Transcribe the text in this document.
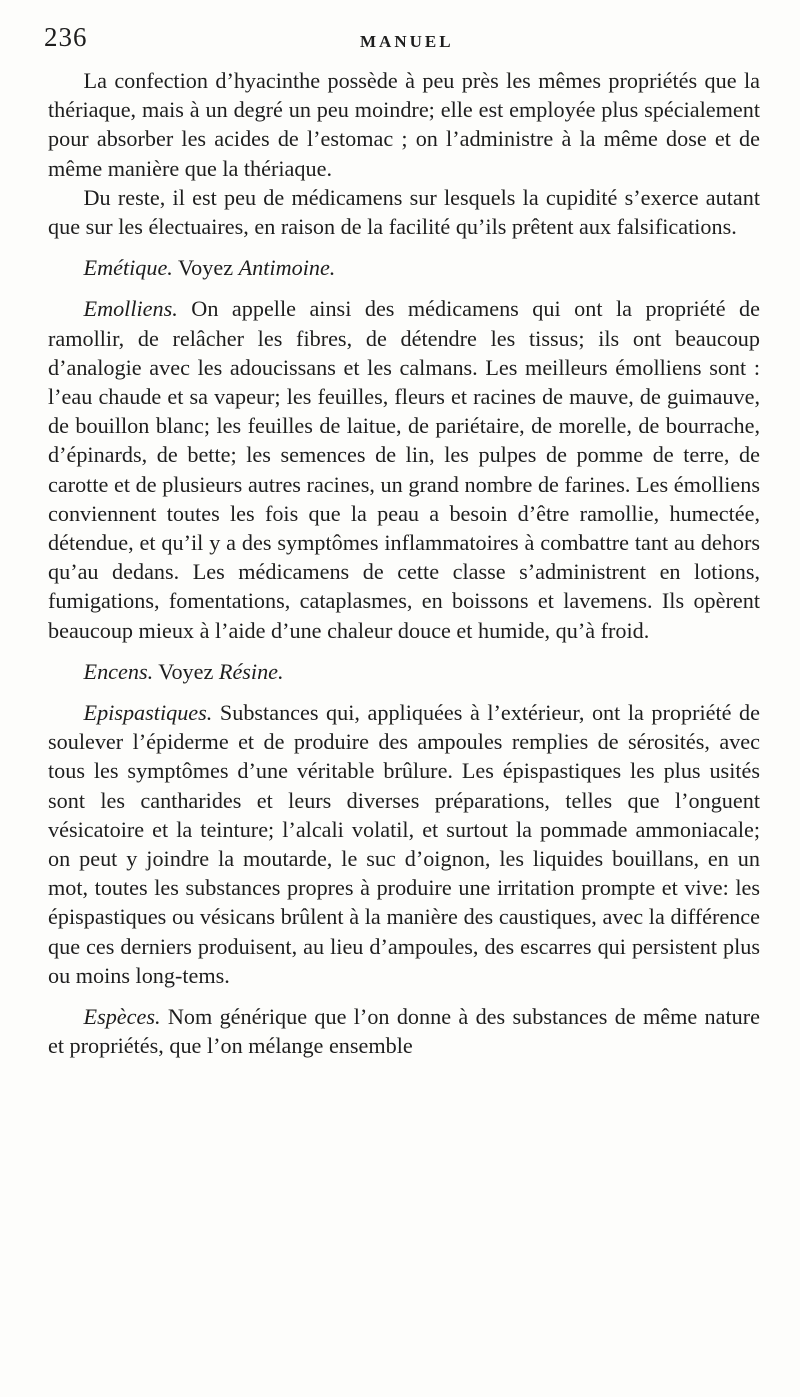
236	MANUEL

La confection d’hyacinthe possède à peu près les mêmes propriétés que la thériaque, mais à un degré un peu moindre; elle est employée plus spécialement pour absorber les acides de l’estomac ; on l’administre à la même dose et de même manière que la thériaque.

Du reste, il est peu de médicamens sur lesquels la cupidité s’exerce autant que sur les électuaires, en raison de la facilité qu’ils prêtent aux falsifications.

Emétique. Voyez Antimoine.

Emolliens. On appelle ainsi des médicamens qui ont la propriété de ramollir, de relâcher les fibres, de détendre les tissus; ils ont beaucoup d’analogie avec les adoucissans et les calmans. Les meilleurs émolliens sont : l’eau chaude et sa vapeur; les feuilles, fleurs et racines de mauve, de guimauve, de bouillon blanc; les feuilles de laitue, de pariétaire, de morelle, de bourrache, d’épinards, de bette; les semences de lin, les pulpes de pomme de terre, de carotte et de plusieurs autres racines, un grand nombre de farines. Les émolliens conviennent toutes les fois que la peau a besoin d’être ramollie, humectée, détendue, et qu’il y a des symptômes inflammatoires à combattre tant au dehors qu’au dedans. Les médicamens de cette classe s’administrent en lotions, fumigations, fomentations, cataplasmes, en boissons et lavemens. Ils opèrent beaucoup mieux à l’aide d’une chaleur douce et humide, qu’à froid.

Encens. Voyez Résine.

Epispastiques. Substances qui, appliquées à l’extérieur, ont la propriété de soulever l’épiderme et de produire des ampoules remplies de sérosités, avec tous les symptômes d’une véritable brûlure. Les épispastiques les plus usités sont les cantharides et leurs diverses préparations, telles que l’onguent vésicatoire et la teinture; l’alcali volatil, et surtout la pommade ammoniacale; on peut y joindre la moutarde, le suc d’oignon, les liquides bouillans, en un mot, toutes les substances propres à produire une irritation prompte et vive: les épispastiques ou vésicans brûlent à la manière des caustiques, avec la différence que ces derniers produisent, au lieu d’ampoules, des escarres qui persistent plus ou moins long-tems.

Espèces. Nom générique que l’on donne à des substances de même nature et propriétés, que l’on mélange ensemble
